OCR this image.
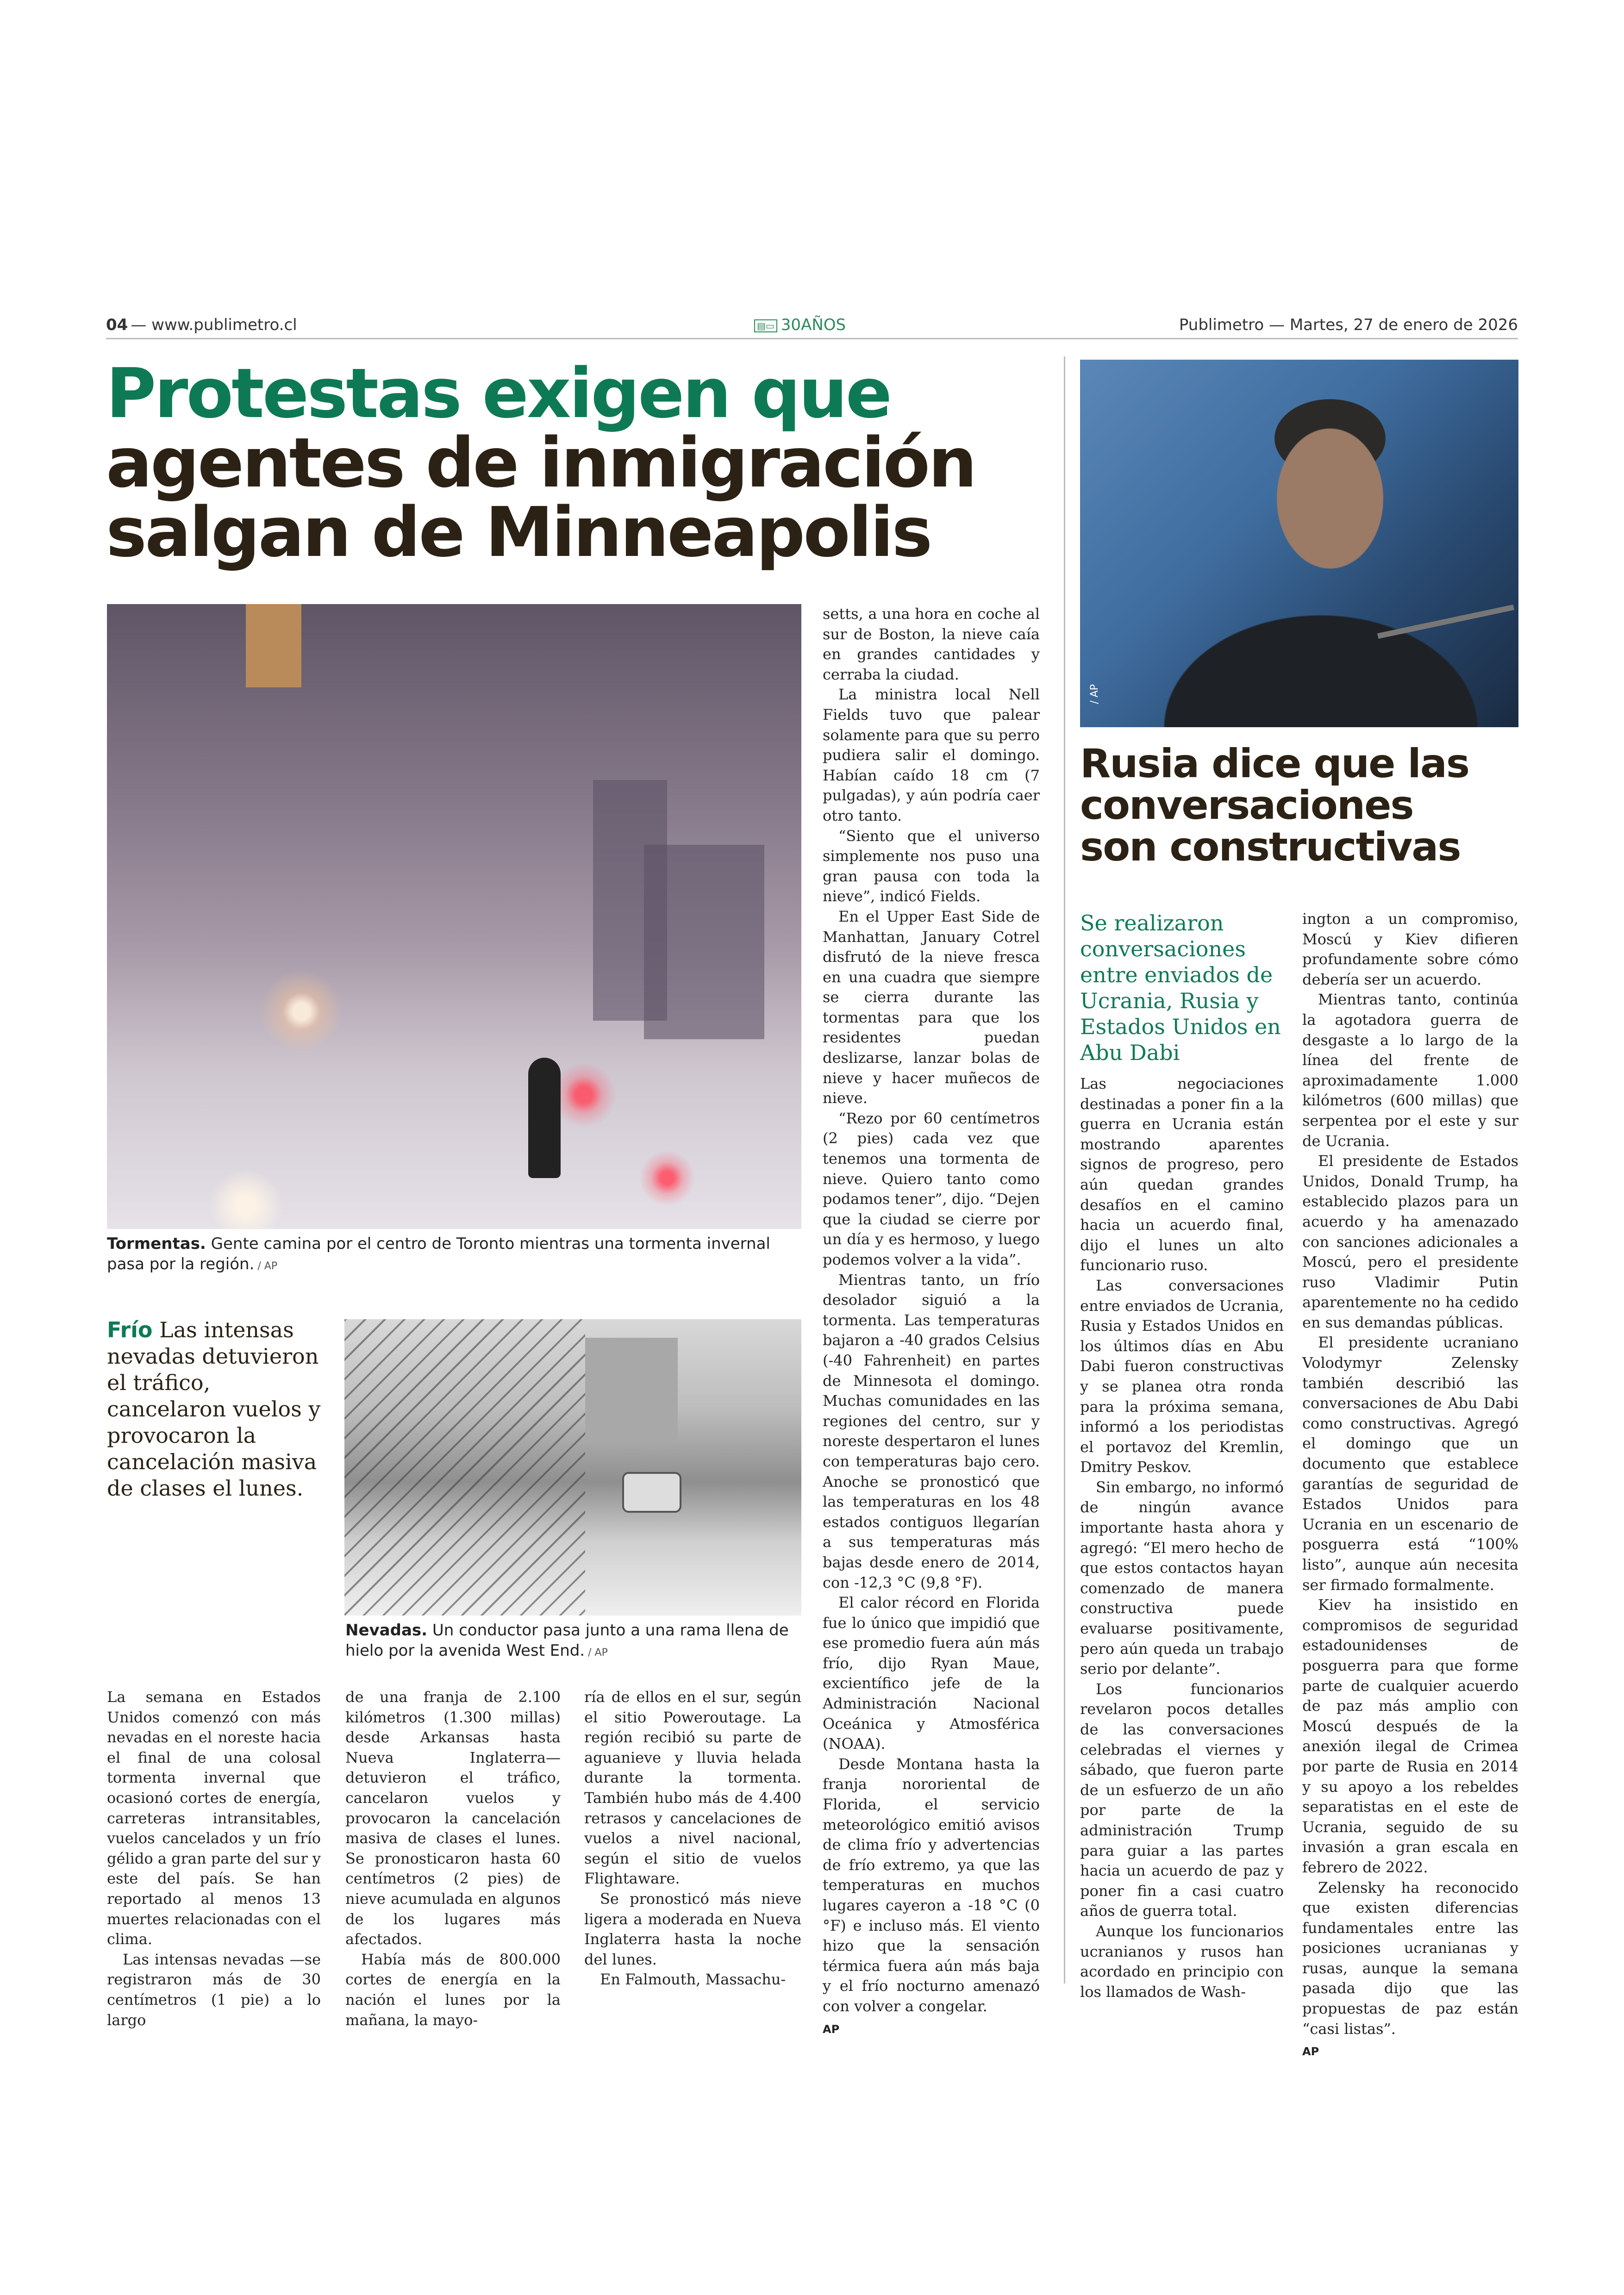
04 — www.publimetro.cl	▤▭ 30AÑOS	Publimetro — Martes, 27 de enero de 2026
Protestas exigen que
agentes de inmigración
salgan de Minneapolis
Tormentas. Gente camina por el centro de Toronto mientras una tormenta invernal pasa por la región. / AP
Frío Las intensas nevadas detuvieron el tráfico, cancelaron vuelos y provocaron la cancelación masiva de clases el lunes.
Nevadas. Un conductor pasa junto a una rama llena de hielo por la avenida West End. / AP

La semana en Estados Unidos comenzó con más nevadas en el noreste hacia el final de una colosal tormenta invernal que ocasionó cortes de energía, carreteras intransitables, vuelos cancelados y un frío gélido a gran parte del sur y este del país. Se han reportado al menos 13 muertes relacionadas con el clima.

Las intensas nevadas —se registraron más de 30 centímetros (1 pie) a lo largo

de una franja de 2.100 kilómetros (1.300 millas) desde Arkansas hasta Nueva Inglaterra— detuvieron el tráfico, cancelaron vuelos y provocaron la cancelación masiva de clases el lunes. Se pronosticaron hasta 60 centímetros (2 pies) de nieve acumulada en algunos de los lugares más afectados.

Había más de 800.000 cortes de energía en la nación el lunes por la mañana, la mayo-

ría de ellos en el sur, según el sitio Poweroutage. La región recibió su parte de aguanieve y lluvia helada durante la tormenta. También hubo más de 4.400 retrasos y cancelaciones de vuelos a nivel nacional, según el sitio de vuelos Flightaware.

Se pronosticó más nieve ligera a moderada en Nueva Inglaterra hasta la noche del lunes.

En Falmouth, Massachu-

setts, a una hora en coche al sur de Boston, la nieve caía en grandes cantidades y cerraba la ciudad.

La ministra local Nell Fields tuvo que palear solamente para que su perro pudiera salir el domingo. Habían caído 18 cm (7 pulgadas), y aún podría caer otro tanto.

“Siento que el universo simplemente nos puso una gran pausa con toda la nieve”, indicó Fields.

En el Upper East Side de Manhattan, January Cotrel disfrutó de la nieve fresca en una cuadra que siempre se cierra durante las tormentas para que los residentes puedan deslizarse, lanzar bolas de nieve y hacer muñecos de nieve.

“Rezo por 60 centímetros (2 pies) cada vez que tenemos una tormenta de nieve. Quiero tanto como podamos tener”, dijo. “Dejen que la ciudad se cierre por un día y es hermoso, y luego podemos volver a la vida”.

Mientras tanto, un frío desolador siguió a la tormenta. Las temperaturas bajaron a -40 grados Celsius (-40 Fahrenheit) en partes de Minnesota el domingo. Muchas comunidades en las regiones del centro, sur y noreste despertaron el lunes con temperaturas bajo cero. Anoche se pronosticó que las temperaturas en los 48 estados contiguos llegarían a sus temperaturas más bajas desde enero de 2014, con -12,3 °C (9,8 °F).

El calor récord en Florida fue lo único que impidió que ese promedio fuera aún más frío, dijo Ryan Maue, excientífico jefe de la Administración Nacional Oceánica y Atmosférica (NOAA).

Desde Montana hasta la franja nororiental de Florida, el servicio meteorológico emitió avisos de clima frío y advertencias de frío extremo, ya que las temperaturas en muchos lugares cayeron a -18 °C (0 °F) e incluso más. El viento hizo que la sensación térmica fuera aún más baja y el frío nocturno amenazó con volver a congelar.

AP
/ AP
Rusia dice que las
conversaciones
son constructivas
Se realizaron conversaciones entre enviados de Ucrania, Rusia y Estados Unidos en Abu Dabi

Las negociaciones destinadas a poner fin a la guerra en Ucrania están mostrando aparentes signos de progreso, pero aún quedan grandes desafíos en el camino hacia un acuerdo final, dijo el lunes un alto funcionario ruso.

Las conversaciones entre enviados de Ucrania, Rusia y Estados Unidos en los últimos días en Abu Dabi fueron constructivas y se planea otra ronda para la próxima semana, informó a los periodistas el portavoz del Kremlin, Dmitry Peskov.

Sin embargo, no informó de ningún avance importante hasta ahora y agregó: “El mero hecho de que estos contactos hayan comenzado de manera constructiva puede evaluarse positivamente, pero aún queda un trabajo serio por delante”.

Los funcionarios revelaron pocos detalles de las conversaciones celebradas el viernes y sábado, que fueron parte de un esfuerzo de un año por parte de la administración Trump para guiar a las partes hacia un acuerdo de paz y poner fin a casi cuatro años de guerra total.

Aunque los funcionarios ucranianos y rusos han acordado en principio con los llamados de Wash-

ington a un compromiso, Moscú y Kiev difieren profundamente sobre cómo debería ser un acuerdo.

Mientras tanto, continúa la agotadora guerra de desgaste a lo largo de la línea del frente de aproximadamente 1.000 kilómetros (600 millas) que serpentea por el este y sur de Ucrania.

El presidente de Estados Unidos, Donald Trump, ha establecido plazos para un acuerdo y ha amenazado con sanciones adicionales a Moscú, pero el presidente ruso Vladimir Putin aparentemente no ha cedido en sus demandas públicas.

El presidente ucraniano Volodymyr Zelensky también describió las conversaciones de Abu Dabi como constructivas. Agregó el domingo que un documento que establece garantías de seguridad de Estados Unidos para Ucrania en un escenario de posguerra está “100% listo”, aunque aún necesita ser firmado formalmente.

Kiev ha insistido en compromisos de seguridad estadounidenses de posguerra para que forme parte de cualquier acuerdo de paz más amplio con Moscú después de la anexión ilegal de Crimea por parte de Rusia en 2014 y su apoyo a los rebeldes separatistas en el este de Ucrania, seguido de su invasión a gran escala en febrero de 2022.

Zelensky ha reconocido que existen diferencias fundamentales entre las posiciones ucranianas y rusas, aunque la semana pasada dijo que las propuestas de paz están “casi listas”.

AP
